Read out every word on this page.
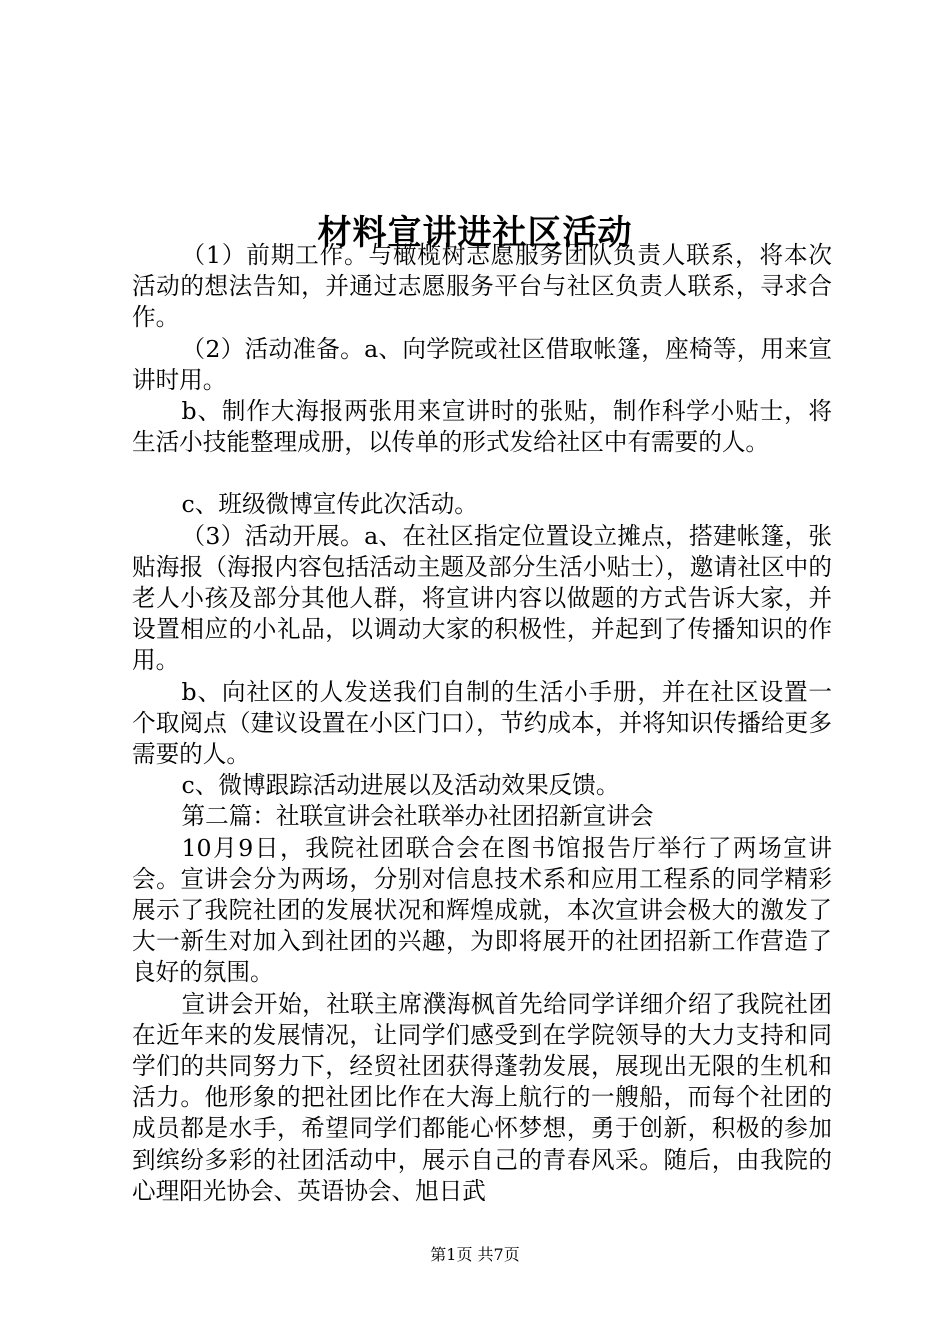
材料宣讲进社区活动

（1）前期工作。与橄榄树志愿服务团队负责人联系，将本次活动的想法告知，并通过志愿服务平台与社区负责人联系，寻求合作。

（2）活动准备。a、向学院或社区借取帐篷，座椅等，用来宣讲时用。

b、制作大海报两张用来宣讲时的张贴，制作科学小贴士，将生活小技能整理成册，以传单的形式发给社区中有需要的人。

c、班级微博宣传此次活动。

（3）活动开展。a、在社区指定位置设立摊点，搭建帐篷，张贴海报（海报内容包括活动主题及部分生活小贴士），邀请社区中的老人小孩及部分其他人群，将宣讲内容以做题的方式告诉大家，并设置相应的小礼品，以调动大家的积极性，并起到了传播知识的作用。

b、向社区的人发送我们自制的生活小手册，并在社区设置一个取阅点（建议设置在小区门口），节约成本，并将知识传播给更多需要的人。

c、微博跟踪活动进展以及活动效果反馈。

第二篇：社联宣讲会社联举办社团招新宣讲会

10月9日，我院社团联合会在图书馆报告厅举行了两场宣讲会。宣讲会分为两场，分别对信息技术系和应用工程系的同学精彩展示了我院社团的发展状况和辉煌成就，本次宣讲会极大的激发了大一新生对加入到社团的兴趣，为即将展开的社团招新工作营造了良好的氛围。

宣讲会开始，社联主席濮海枫首先给同学详细介绍了我院社团在近年来的发展情况，让同学们感受到在学院领导的大力支持和同学们的共同努力下，经贸社团获得蓬勃发展，展现出无限的生机和活力。他形象的把社团比作在大海上航行的一艘船，而每个社团的成员都是水手，希望同学们都能心怀梦想，勇于创新，积极的参加到缤纷多彩的社团活动中，展示自己的青春风采。随后，由我院的心理阳光协会、英语协会、旭日武

第1页 共7页
